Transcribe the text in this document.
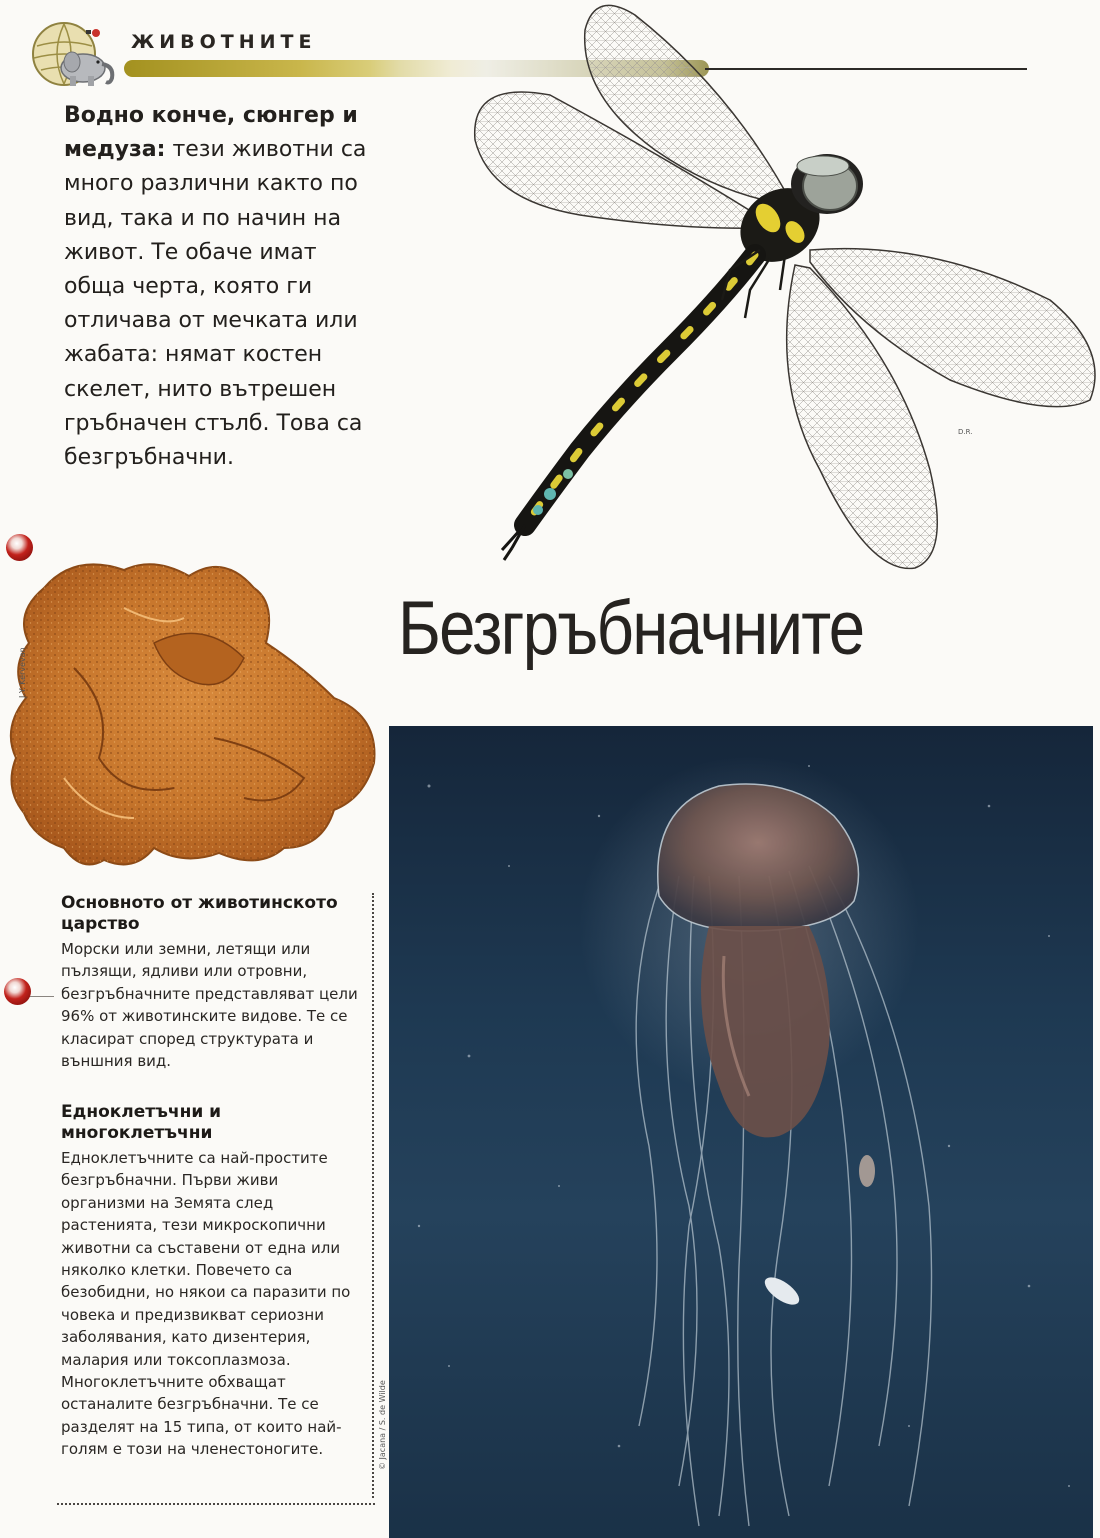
ЖИВОТНИТЕ

Водно конче, сюнгер и медуза: тези животни са много различни както по вид, така и по начин на живот. Те обаче имат обща черта, която ги отличава от мечката или жабата: нямат костен скелет, нито вътрешен гръбначен стълб. Това са безгръбначни.

D.R.
J.Y. Kervevan
Безгръбначните
© Jacana / S. de Wilde
Основното от животинското царство

Морски или земни, летящи или пълзящи, ядливи или отровни, безгръбначните представляват цели 96% от животинските видове. Те се класират според структурата и външния вид.

Едноклетъчни и многоклетъчни

Едноклетъчните са най-простите безгръбначни. Първи живи организми на Земята след растенията, тези микроскопични животни са съставени от една или няколко клетки. Повечето са безобидни, но някои са паразити по човека и предизвикват сериозни заболявания, като дизентерия, малария или токсоплазмоза. Многоклетъчните обхващат останалите безгръбначни. Те се разделят на 15 типа, от които най-голям е този на членестоногите.
